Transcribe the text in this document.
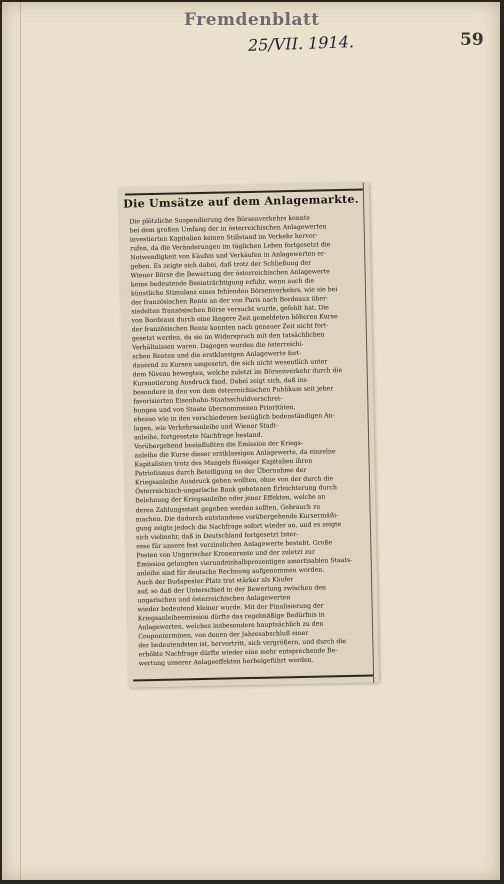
Fremdenblatt
25/VII. 1914.	59
Die Umsätze auf dem Anlagemarkte.
Die plötzliche Suspendierung des Börsenverkehrs konnte
bei dem großen Umfang der in österreichischen Anlagewerten
investierten Kapitalien keinen Stillstand im Verkehr hervor-
rufen, da die Veränderungen im täglichen Leben fortgesetzt die
Notwendigkeit von Käufen und Verkäufen in Anlagewerten er-
geben. Es zeigte sich dabei, daß trotz der Schließung der
Wiener Börse die Bewertung der österreichischen Anlagewerte
keine bedeutende Beeinträchtigung erfuhr, wenn auch die
künstliche Stimulanz eines fehlenden Börsenverkehrs, wie sie bei
der französischen Rente an der von Paris nach Bordeaux über-
siedelten französischen Börse versucht wurde, gefehlt hat. Die
von Bordeaux durch eine längere Zeit gemeldeten höheren Kurse
der französischen Rente konnten nach genauer Zeit nicht fort-
gesetzt werden, da sie im Widerspruch mit den tatsächlichen
Verhältnissen waren. Dagegen wurden die österreichi-
schen Renten und die erstklassigen Anlagewerte fort-
dauernd zu Kursen umgesetzt, die sich nicht wesentlich unter
dem Niveau bewegten, welche zuletzt im Börsenverkehr durch die
Kursnotierung Ausdruck fand. Dabei zeigt sich, daß ins-
besondere in den von dem österreichischen Publikum seit jeher
favorisierten Eisenbahn-Staatsschuldverschrei-
bungen und von Staate übernommenen Prioritäten,
ebenso wie in den verschiedenen bezüglich bodenständigen An-
lagen, wie Verkehrsanleihe und Wiener Stadt-
anleihe, fortgesetzte Nachfrage bestand.
Vorübergehend beeinflußten die Emission der Kriegs-
anleihe die Kurse dieser erstklassigen Anlagewerte, da einzelne
Kapitalisten trotz des Mangels flüssiger Kapitalien ihren
Patriotismus durch Beteiligung an der Übernahme der
Kriegsanleihe Ausdruck geben wollten, ohne von der durch die
Österreichisch-ungarische Bank gebotenen Erleichterung durch
Belehnung der Kriegsanleihe oder jener Effekten, welche an
deren Zahlungsstatt gegeben werden sollten, Gebrauch zu
machen. Die dadurch entstandene vorübergehende Kursermäßi-
gung zeigte jedoch die Nachfrage sofort wieder an, und es zeigte
sich vielmehr, daß in Deutschland fortgesetzt Inter-
esse für unsere fest verzinslichen Anlagewerte besteht. Große
Posten von Ungarischer Kronenrente und der zuletzt zur
Emission gelangten vierundeinhalbprozentigen amortisablen Staats-
anleihe sind für deutsche Rechnung aufgenommen worden.
Auch der Budapester Platz trat stärker als Käufer
auf, so daß der Unterschied in der Bewertung zwischen den
ungarischen und österreichischen Anlagewerten
wieder bedeutend kleiner wurde. Mit der Finalisierung der
Kriegsanleiheemission dürfte das regelmäßige Bedürfnis in
Anlagewerten, welches insbesondere hauptsächlich zu den
Couponterminen, von denen der Jahresabschluß einer
der bedeutendsten ist, hervortritt, sich vergrößern, und durch die
erhöhte Nachfrage dürfte wieder eine mehr entsprechende Be-
wertung unserer Anlageeffekten herbeigeführt werden.
